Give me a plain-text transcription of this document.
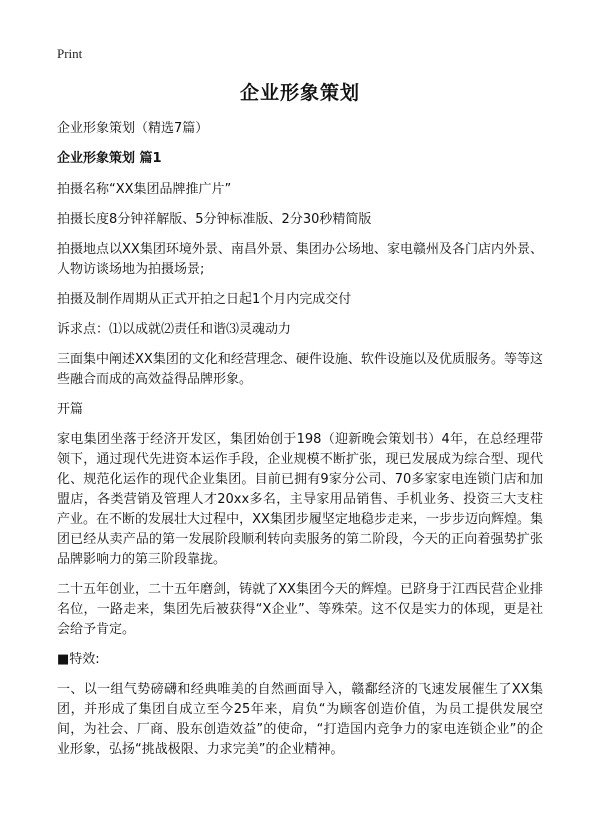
Print
企业形象策划

企业形象策划（精选7篇）

企业形象策划 篇1

拍摄名称“XX集团品牌推广片”

拍摄长度8分钟祥解版、5分钟标准版、2分30秒精简版

拍摄地点以XX集团环境外景、南昌外景、集团办公场地、家电赣州及各门店内外景、人物访谈场地为拍摄场景;

拍摄及制作周期从正式开拍之日起1个月内完成交付

诉求点：⑴以成就⑵责任和谐⑶灵魂动力

三面集中阐述XX集团的文化和经营理念、硬件设施、软件设施以及优质服务。等等这些融合而成的高效益得品牌形象。

开篇

家电集团坐落于经济开发区，集团始创于198（迎新晚会策划书）4年，在总经理带领下，通过现代先进资本运作手段，企业规模不断扩张，现已发展成为综合型、现代化、规范化运作的现代企业集团。目前已拥有9家分公司、70多家家电连锁门店和加盟店，各类营销及管理人才20xx多名，主导家用品销售、手机业务、投资三大支柱产业。在不断的发展壮大过程中，XX集团步履坚定地稳步走来，一步步迈向辉煌。集团已经从卖产品的第一发展阶段顺利转向卖服务的第二阶段，今天的正向着强势扩张品牌影响力的第三阶段靠拢。

二十五年创业，二十五年磨剑，铸就了XX集团今天的辉煌。已跻身于江西民营企业排名位，一路走来，集团先后被获得“X企业”、等殊荣。这不仅是实力的体现，更是社会给予肯定。

■特效:

一、以一组气势磅礴和经典唯美的自然画面导入，赣鄱经济的飞速发展催生了XX集团，并形成了集团自成立至今25年来，肩负“为顾客创造价值，为员工提供发展空间，为社会、厂商、股东创造效益”的使命，“打造国内竞争力的家电连锁企业”的企业形象，弘扬“挑战极限、力求完美”的企业精神。
